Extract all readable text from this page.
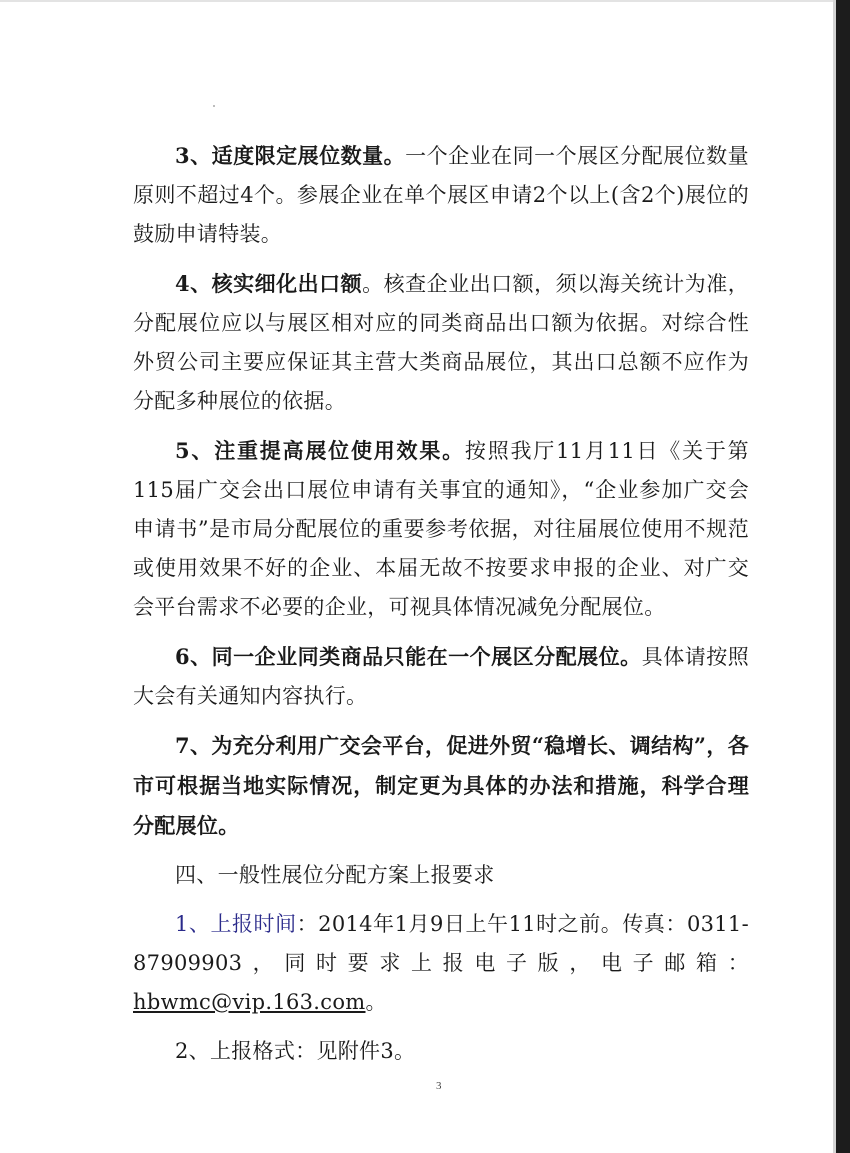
3、适度限定展位数量。一个企业在同一个展区分配展位数量原则不超过4个。参展企业在单个展区申请2个以上(含2个)展位的鼓励申请特装。

4、核实细化出口额。核查企业出口额，须以海关统计为准，分配展位应以与展区相对应的同类商品出口额为依据。对综合性外贸公司主要应保证其主营大类商品展位，其出口总额不应作为分配多种展位的依据。

5、注重提高展位使用效果。按照我厅11月11日《关于第115届广交会出口展位申请有关事宜的通知》，“企业参加广交会申请书”是市局分配展位的重要参考依据，对往届展位使用不规范或使用效果不好的企业、本届无故不按要求申报的企业、对广交会平台需求不必要的企业，可视具体情况减免分配展位。

6、同一企业同类商品只能在一个展区分配展位。具体请按照大会有关通知内容执行。

7、为充分利用广交会平台，促进外贸“稳增长、调结构”，各市可根据当地实际情况，制定更为具体的办法和措施，科学合理分配展位。

四、一般性展位分配方案上报要求

1、上报时间：2014年1月9日上午11时之前。传真：0311-87909903，同时要求上报电子版，电子邮箱：hbwmc@vip.163.com。

2、上报格式：见附件3。

3
